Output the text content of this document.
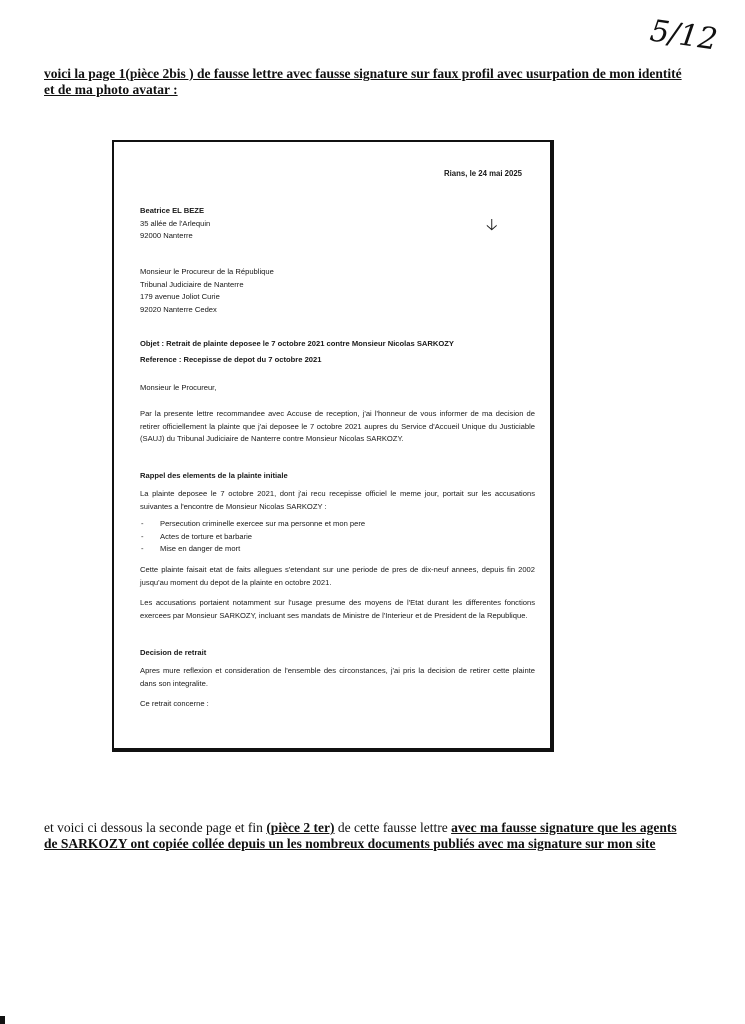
5/12
voici la page 1(pièce 2bis ) de fausse lettre avec fausse signature sur faux profil avec usurpation de mon identité
et de ma photo avatar :
Rians, le 24 mai 2025
🡣
Beatrice EL BEZE
35 allée de l'Arlequin
92000 Nanterre
Monsieur le Procureur de la République
Tribunal Judiciaire de Nanterre
179 avenue Joliot Curie
92020 Nanterre Cedex
Objet : Retrait de plainte deposee le 7 octobre 2021 contre Monsieur Nicolas SARKOZY
Reference : Recepisse de depot du 7 octobre 2021
Monsieur le Procureur,
Par la presente lettre recommandee avec Accuse de reception, j'ai l'honneur de vous informer de ma decision de retirer officiellement la plainte que j'ai deposee le 7 octobre 2021 aupres du Service d'Accueil Unique du Justiciable (SAUJ) du Tribunal Judiciaire de Nanterre contre Monsieur Nicolas SARKOZY.
Rappel des elements de la plainte initiale
La plainte deposee le 7 octobre 2021, dont j'ai recu recepisse officiel le meme jour, portait sur les accusations suivantes a l'encontre de Monsieur Nicolas SARKOZY :
- Persecution criminelle exercee sur ma personne et mon pere
- Actes de torture et barbarie
- Mise en danger de mort
Cette plainte faisait etat de faits allegues s'etendant sur une periode de pres de dix-neuf annees, depuis fin 2002 jusqu'au moment du depot de la plainte en octobre 2021.
Les accusations portaient notamment sur l'usage presume des moyens de l'Etat durant les differentes fonctions exercees par Monsieur SARKOZY, incluant ses mandats de Ministre de l'Interieur et de President de la Republique.
Decision de retrait
Apres mure reflexion et consideration de l'ensemble des circonstances, j'ai pris la decision de retirer cette plainte dans son integralite.
Ce retrait concerne :
et voici ci dessous la seconde page et fin (pièce 2 ter) de cette fausse lettre avec ma fausse signature que les agents
de SARKOZY ont copiée collée depuis un les nombreux documents publiés avec ma signature sur mon site
